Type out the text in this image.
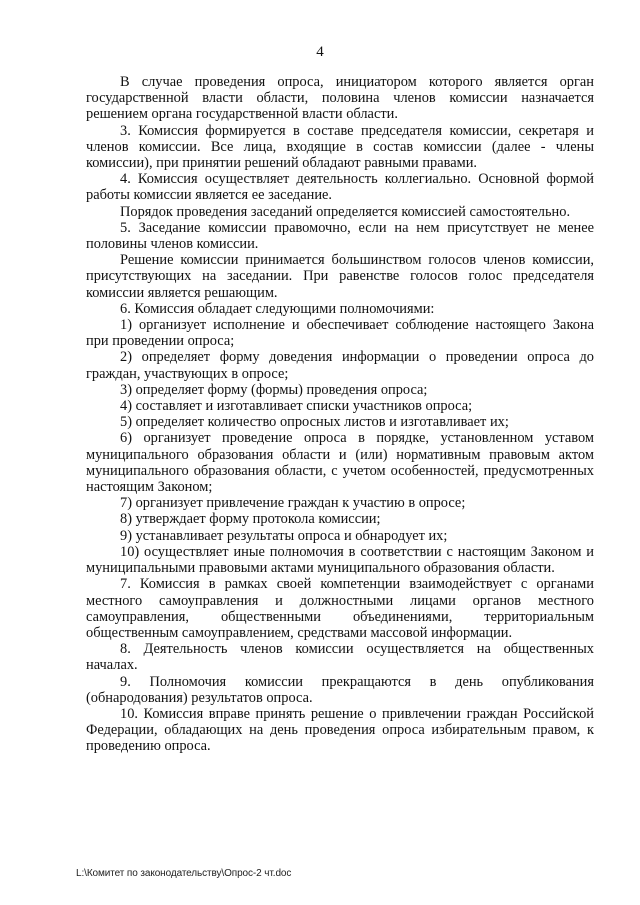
4

В случае проведения опроса, инициатором которого является орган государственной власти области, половина членов комиссии назначается решением органа государственной власти области.

3. Комиссия формируется в составе председателя комиссии, секретаря и членов комиссии. Все лица, входящие в состав комиссии (далее - члены комиссии), при принятии решений обладают равными правами.

4. Комиссия осуществляет деятельность коллегиально. Основной формой работы комиссии является ее заседание.

Порядок проведения заседаний определяется комиссией самостоятельно.

5. Заседание комиссии правомочно, если на нем присутствует не менее половины членов комиссии.

Решение комиссии принимается большинством голосов членов комиссии, присутствующих на заседании. При равенстве голосов голос председателя комиссии является решающим.

6. Комиссия обладает следующими полномочиями:

1) организует исполнение и обеспечивает соблюдение настоящего Закона при проведении опроса;

2) определяет форму доведения информации о проведении опроса до граждан, участвующих в опросе;

3) определяет форму (формы) проведения опроса;

4) составляет и изготавливает списки участников опроса;

5) определяет количество опросных листов и изготавливает их;

6) организует проведение опроса в порядке, установленном уставом муниципального образования области и (или) нормативным правовым актом муниципального образования области, с учетом особенностей, предусмотренных настоящим Законом;

7) организует привлечение граждан к участию в опросе;

8) утверждает форму протокола комиссии;

9) устанавливает результаты опроса и обнародует их;

10) осуществляет иные полномочия в соответствии с настоящим Законом и муниципальными правовыми актами муниципального образования области.

7. Комиссия в рамках своей компетенции взаимодействует с органами местного самоуправления и должностными лицами органов местного самоуправления, общественными объединениями, территориальным общественным самоуправлением, средствами массовой информации.

8. Деятельность членов комиссии осуществляется на общественных началах.

9. Полномочия комиссии прекращаются в день опубликования (обнародования) результатов опроса.

10. Комиссия вправе принять решение о привлечении граждан Российской Федерации, обладающих на день проведения опроса избирательным правом, к проведению опроса.

L:\Комитет по законодательству\Опрос-2 чт.doc
